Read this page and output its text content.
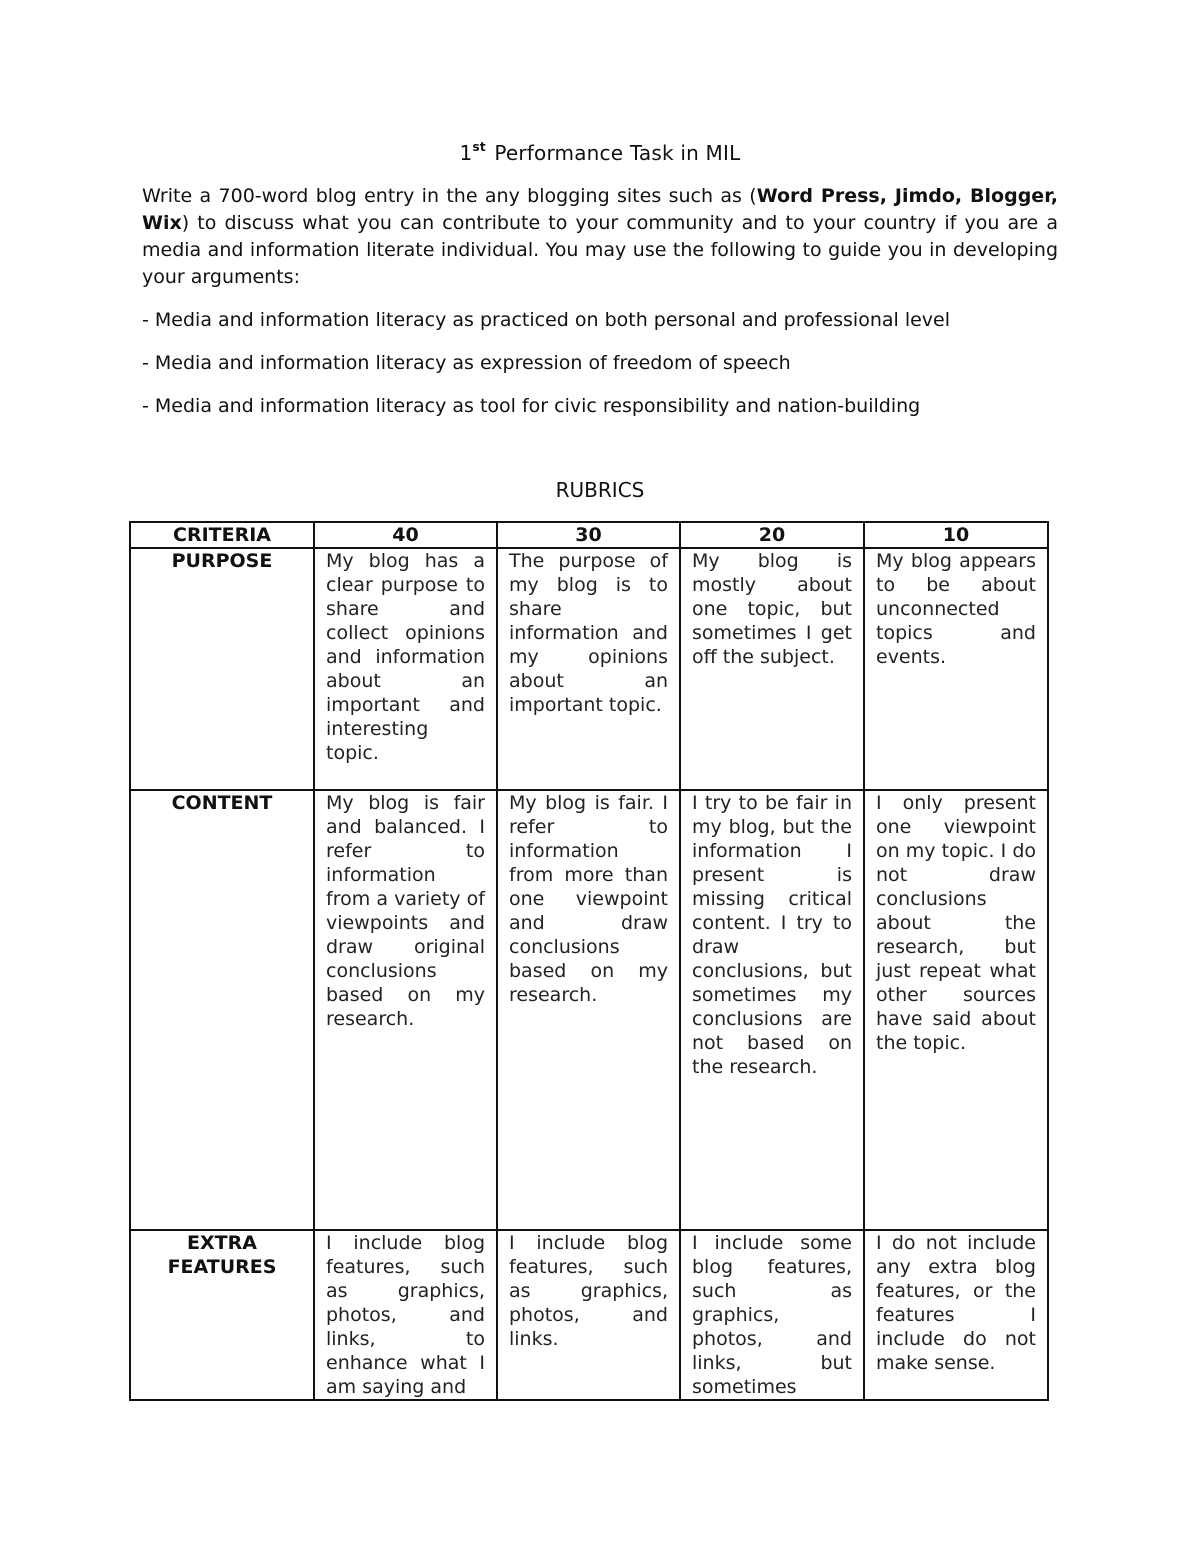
1st Performance Task in MIL

Write a 700-word blog entry in the any blogging sites such as (Word Press, Jimdo, Blogger, Wix) to discuss what you can contribute to your community and to your country if you are a media and information literate individual. You may use the following to guide you in developing your arguments:

- Media and information literacy as practiced on both personal and professional level

- Media and information literacy as expression of freedom of speech

- Media and information literacy as tool for civic responsibility and nation-building

RUBRICS
CRITERIA	40	30	20	10
PURPOSE	My blog has a clear purpose to share and collect opinions and information about an important and interesting topic.	The purpose of my blog is to share information and my opinions about an important topic.	My blog is mostly about one topic, but sometimes I get off the subject.	My blog appears to be about unconnected topics and events.
CONTENT	My blog is fair and balanced. I refer to information from a variety of viewpoints and draw original conclusions based on my research.	My blog is fair. I refer to information from more than one viewpoint and draw conclusions based on my research.	I try to be fair in my blog, but the information I present is missing critical content. I try to draw conclusions, but sometimes my conclusions are not based on the research.	I only present one viewpoint on my topic. I do not draw conclusions about the research, but just repeat what other sources have said about the topic.
EXTRA
FEATURES	I include blog features, such as graphics, photos, and links, to enhance what I am saying and	I include blog features, such as graphics, photos, and links.	I include some blog features, such as graphics, photos, and links, but sometimes	I do not include any extra blog features, or the features I include do not make sense.
